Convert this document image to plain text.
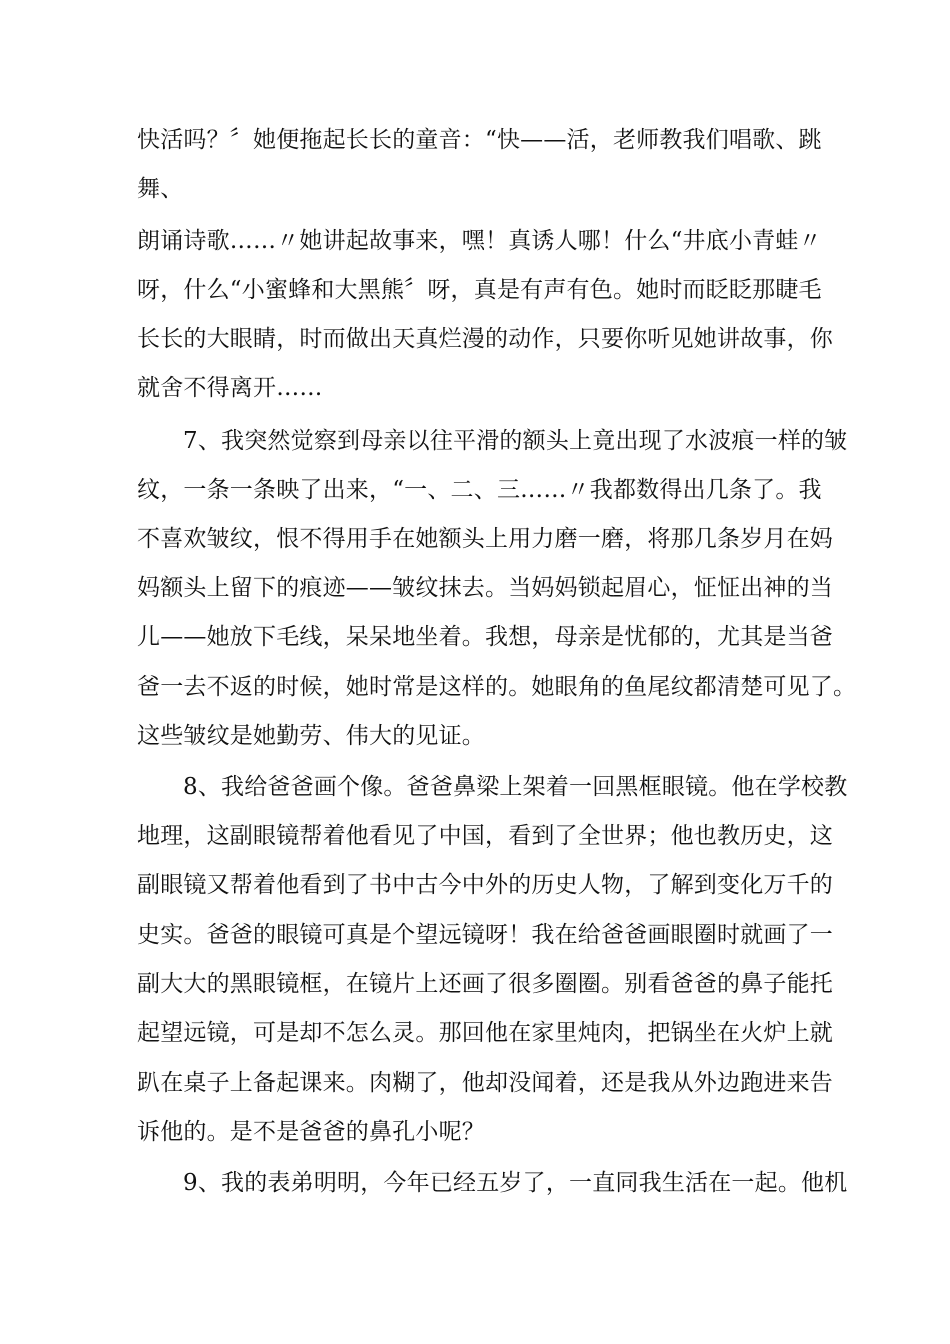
快活吗？〞她便拖起长长的童音：“快——活，老师教我们唱歌、跳
舞、
朗诵诗歌……〃她讲起故事来，嘿！真诱人哪！什么“井底小青蛙〃
呀，什么“小蜜蜂和大黑熊〞呀，真是有声有色。她时而眨眨那睫毛
长长的大眼睛，时而做出天真烂漫的动作，只要你听见她讲故事，你
就舍不得离开……
7、我突然觉察到母亲以往平滑的额头上竟出现了水波痕一样的皱
纹，一条一条映了出来，“一、二、三……〃我都数得出几条了。我
不喜欢皱纹，恨不得用手在她额头上用力磨一磨，将那几条岁月在妈
妈额头上留下的痕迹——皱纹抹去。当妈妈锁起眉心，怔怔出神的当
儿——她放下毛线，呆呆地坐着。我想，母亲是忧郁的，尤其是当爸
爸一去不返的时候，她时常是这样的。她眼角的鱼尾纹都清楚可见了。
这些皱纹是她勤劳、伟大的见证。
8、我给爸爸画个像。爸爸鼻梁上架着一回黑框眼镜。他在学校教
地理，这副眼镜帮着他看见了中国，看到了全世界；他也教历史，这
副眼镜又帮着他看到了书中古今中外的历史人物，了解到变化万千的
史实。爸爸的眼镜可真是个望远镜呀！我在给爸爸画眼圈时就画了一
副大大的黑眼镜框，在镜片上还画了很多圈圈。别看爸爸的鼻子能托
起望远镜，可是却不怎么灵。那回他在家里炖肉，把锅坐在火炉上就
趴在桌子上备起课来。肉糊了，他却没闻着，还是我从外边跑进来告
诉他的。是不是爸爸的鼻孔小呢？
9、我的表弟明明，今年已经五岁了，一直同我生活在一起。他机
